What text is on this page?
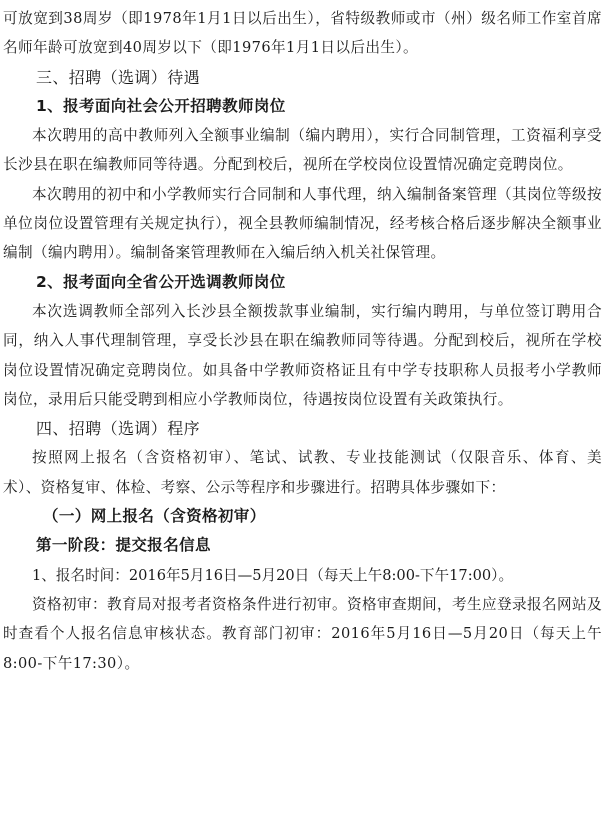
可放宽到38周岁（即1978年1月1日以后出生），省特级教师或市（州）级名师工作室首席名师年龄可放宽到40周岁以下（即1976年1月1日以后出生）。

三、招聘（选调）待遇

1、报考面向社会公开招聘教师岗位

本次聘用的高中教师列入全额事业编制（编内聘用），实行合同制管理，工资福利享受长沙县在职在编教师同等待遇。分配到校后，视所在学校岗位设置情况确定竞聘岗位。

本次聘用的初中和小学教师实行合同制和人事代理，纳入编制备案管理（其岗位等级按单位岗位设置管理有关规定执行），视全县教师编制情况，经考核合格后逐步解决全额事业编制（编内聘用）。编制备案管理教师在入编后纳入机关社保管理。

2、报考面向全省公开选调教师岗位

本次选调教师全部列入长沙县全额拨款事业编制，实行编内聘用，与单位签订聘用合同，纳入人事代理制管理，享受长沙县在职在编教师同等待遇。分配到校后，视所在学校岗位设置情况确定竞聘岗位。如具备中学教师资格证且有中学专技职称人员报考小学教师岗位，录用后只能受聘到相应小学教师岗位，待遇按岗位设置有关政策执行。

四、招聘（选调）程序

按照网上报名（含资格初审）、笔试、试教、专业技能测试（仅限音乐、体育、美术）、资格复审、体检、考察、公示等程序和步骤进行。招聘具体步骤如下：

（一）网上报名（含资格初审）

第一阶段：提交报名信息

1、报名时间：2016年5月16日—5月20日（每天上午8:00-下午17:00）。

资格初审：教育局对报考者资格条件进行初审。资格审查期间，考生应登录报名网站及时查看个人报名信息审核状态。教育部门初审：2016年5月16日—5月20日（每天上午8:00-下午17:30）。
